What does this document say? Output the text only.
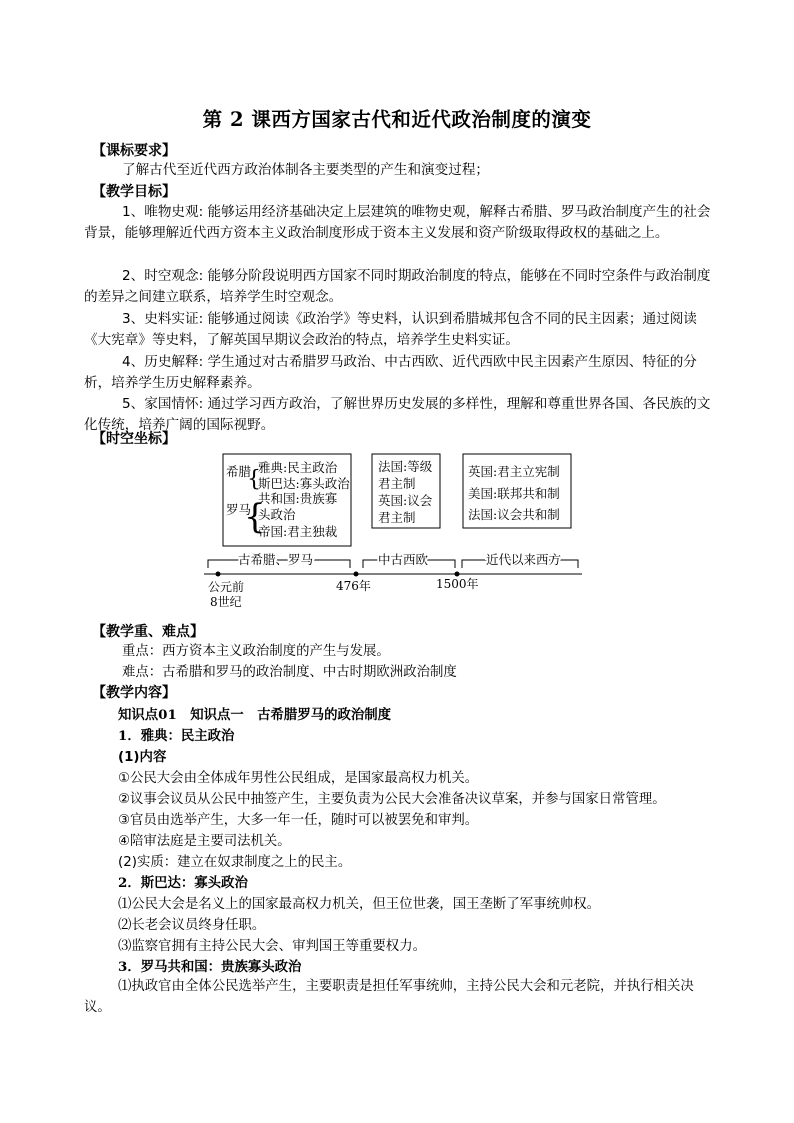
第 2 课西方国家古代和近代政治制度的演变
【课标要求】
了解古代至近代西方政治体制各主要类型的产生和演变过程；
【教学目标】
1、唯物史观: 能够运用经济基础决定上层建筑的唯物史观，解释古希腊、罗马政治制度产生的社会背景，能够理解近代西方资本主义政治制度形成于资本主义发展和资产阶级取得政权的基础之上。
2、时空观念: 能够分阶段说明西方国家不同时期政治制度的特点，能够在不同时空条件与政治制度的差异之间建立联系，培养学生时空观念。
3、史料实证: 能够通过阅读《政治学》等史料，认识到希腊城邦包含不同的民主因素；通过阅读《大宪章》等史料，了解英国早期议会政治的特点，培养学生史料实证。
4、历史解释: 学生通过对古希腊罗马政治、中古西欧、近代西欧中民主因素产生原因、特征的分析，培养学生历史解释素养。
5、家国情怀: 通过学习西方政治，了解世界历史发展的多样性，理解和尊重世界各国、各民族的文化传统，培养广阔的国际视野。
【时空坐标】
希腊
{
雅典:民主政治
斯巴达:寡头政治
罗马
{
共和国:贵族寡
头政治
帝国:君主独裁
法国:等级
君主制
英国:议会
君主制
英国:君主立宪制
美国:联邦共和制
法国:议会共和制
古希腊、罗马	中古西欧	近代以来西方
公元前
8世纪
476年	1500年
【教学重、难点】
重点：西方资本主义政治制度的产生与发展。
难点：古希腊和罗马的政治制度、中古时期欧洲政治制度
【教学内容】
知识点01　知识点一　古希腊罗马的政治制度
1．雅典：民主政治
(1)内容
①公民大会由全体成年男性公民组成，是国家最高权力机关。
②议事会议员从公民中抽签产生，主要负责为公民大会准备决议草案，并参与国家日常管理。
③官员由选举产生，大多一年一任，随时可以被罢免和审判。
④陪审法庭是主要司法机关。
(2)实质：建立在奴隶制度之上的民主。
2．斯巴达：寡头政治
⑴公民大会是名义上的国家最高权力机关，但王位世袭，国王垄断了军事统帅权。
⑵长老会议员终身任职。
⑶监察官拥有主持公民大会、审判国王等重要权力。
3．罗马共和国：贵族寡头政治
⑴执政官由全体公民选举产生，主要职责是担任军事统帅，主持公民大会和元老院，并执行相关决议。
